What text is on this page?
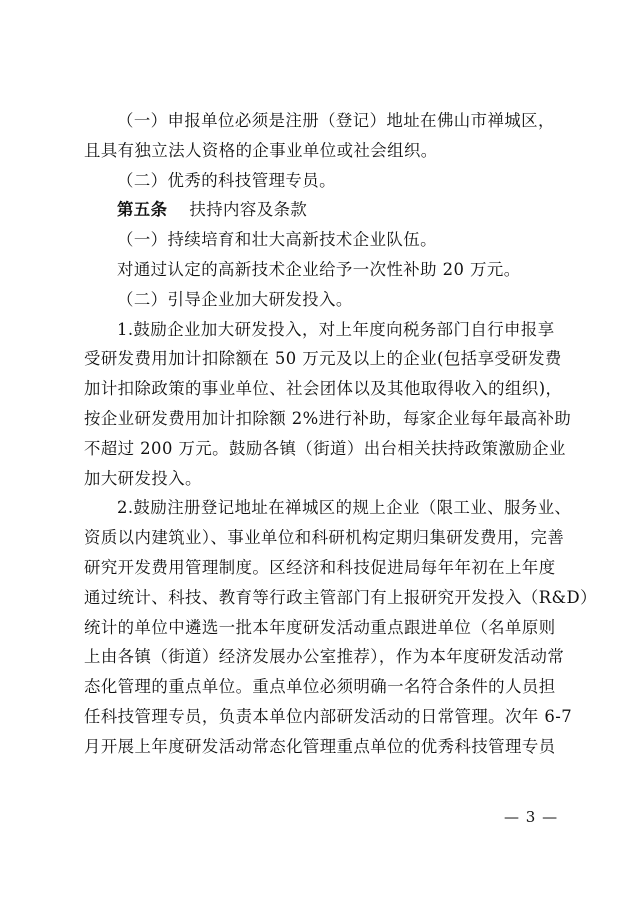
（一）申报单位必须是注册（登记）地址在佛山市禅城区，
且具有独立法人资格的企事业单位或社会组织。
（二）优秀的科技管理专员。
第五条 扶持内容及条款
（一）持续培育和壮大高新技术企业队伍。
对通过认定的高新技术企业给予一次性补助 20 万元。
（二）引导企业加大研发投入。
1.鼓励企业加大研发投入，对上年度向税务部门自行申报享
受研发费用加计扣除额在 50 万元及以上的企业(包括享受研发费
加计扣除政策的事业单位、社会团体以及其他取得收入的组织)，
按企业研发费用加计扣除额 2%进行补助，每家企业每年最高补助
不超过 200 万元。鼓励各镇（街道）出台相关扶持政策激励企业
加大研发投入。
2.鼓励注册登记地址在禅城区的规上企业（限工业、服务业、
资质以内建筑业）、事业单位和科研机构定期归集研发费用，完善
研究开发费用管理制度。区经济和科技促进局每年年初在上年度
通过统计、科技、教育等行政主管部门有上报研究开发投入（R&D）
统计的单位中遴选一批本年度研发活动重点跟进单位（名单原则
上由各镇（街道）经济发展办公室推荐），作为本年度研发活动常
态化管理的重点单位。重点单位必须明确一名符合条件的人员担
任科技管理专员，负责本单位内部研发活动的日常管理。次年 6-7
月开展上年度研发活动常态化管理重点单位的优秀科技管理专员
— 3 —
